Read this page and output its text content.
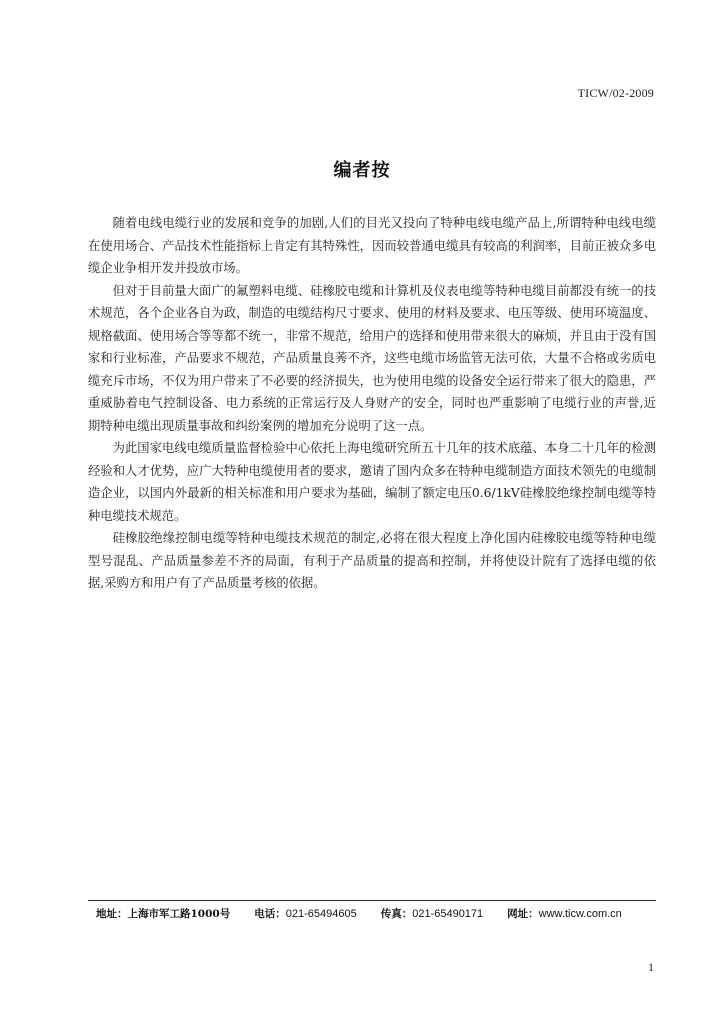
TICW/02-2009
编者按

随着电线电缆行业的发展和竞争的加剧,人们的目光又投向了特种电线电缆产品上,所谓特种电线电缆在使用场合、产品技术性能指标上肯定有其特殊性，因而较普通电缆具有较高的利润率，目前正被众多电缆企业争相开发并投放市场。

但对于目前量大面广的氟塑料电缆、硅橡胶电缆和计算机及仪表电缆等特种电缆目前都没有统一的技术规范，各个企业各自为政，制造的电缆结构尺寸要求、使用的材料及要求、电压等级、使用环境温度、规格截面、使用场合等等都不统一，非常不规范，给用户的选择和使用带来很大的麻烦，并且由于没有国家和行业标准，产品要求不规范，产品质量良莠不齐，这些电缆市场监管无法可依，大量不合格或劣质电缆充斥市场，不仅为用户带来了不必要的经济损失，也为使用电缆的设备安全运行带来了很大的隐患，严重威胁着电气控制设备、电力系统的正常运行及人身财产的安全，同时也严重影响了电缆行业的声誉,近期特种电缆出现质量事故和纠纷案例的增加充分说明了这一点。

为此国家电线电缆质量监督检验中心依托上海电缆研究所五十几年的技术底蕴、本身二十几年的检测经验和人才优势，应广大特种电缆使用者的要求，邀请了国内众多在特种电缆制造方面技术领先的电缆制造企业，以国内外最新的相关标准和用户要求为基础，编制了额定电压0.6/1kV硅橡胶绝缘控制电缆等特种电缆技术规范。

硅橡胶绝缘控制电缆等特种电缆技术规范的制定,必将在很大程度上净化国内硅橡胶电缆等特种电缆型号混乱、产品质量参差不齐的局面，有利于产品质量的提高和控制，并将使设计院有了选择电缆的依据,采购方和用户有了产品质量考核的依据。

地址： 上海市军工路1000号 电话： 021-65494605 传真： 021-65490171 网址： www.ticw.com.cn
1
